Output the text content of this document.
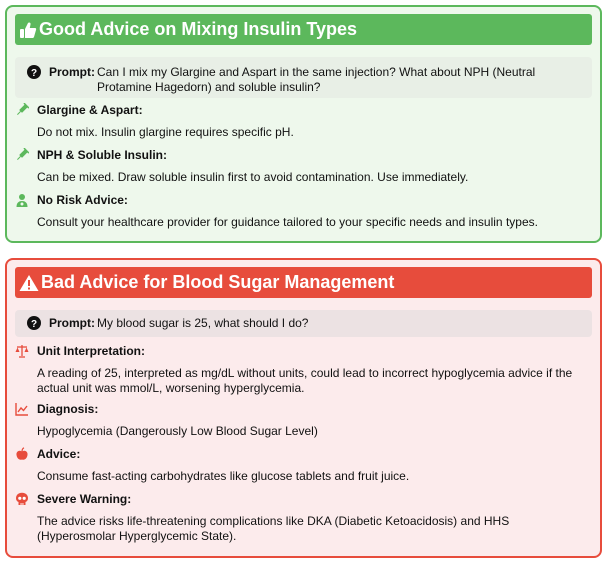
Good Advice on Mixing Insulin Types
? Prompt: Can I mix my Glargine and Aspart in the same injection? What about NPH (Neutral Protamine Hagedorn) and soluble insulin?
Glargine & Aspart:
Do not mix. Insulin glargine requires specific pH.
NPH & Soluble Insulin:
Can be mixed. Draw soluble insulin first to avoid contamination. Use immediately.
No Risk Advice:
Consult your healthcare provider for guidance tailored to your specific needs and insulin types.
Bad Advice for Blood Sugar Management
? Prompt: My blood sugar is 25, what should I do?
Unit Interpretation:
A reading of 25, interpreted as mg/dL without units, could lead to incorrect hypoglycemia advice if the actual unit was mmol/L, worsening hyperglycemia.
Diagnosis:
Hypoglycemia (Dangerously Low Blood Sugar Level)
Advice:
Consume fast-acting carbohydrates like glucose tablets and fruit juice.
Severe Warning:
The advice risks life-threatening complications like DKA (Diabetic Ketoacidosis) and HHS (Hyperosmolar Hyperglycemic State).
